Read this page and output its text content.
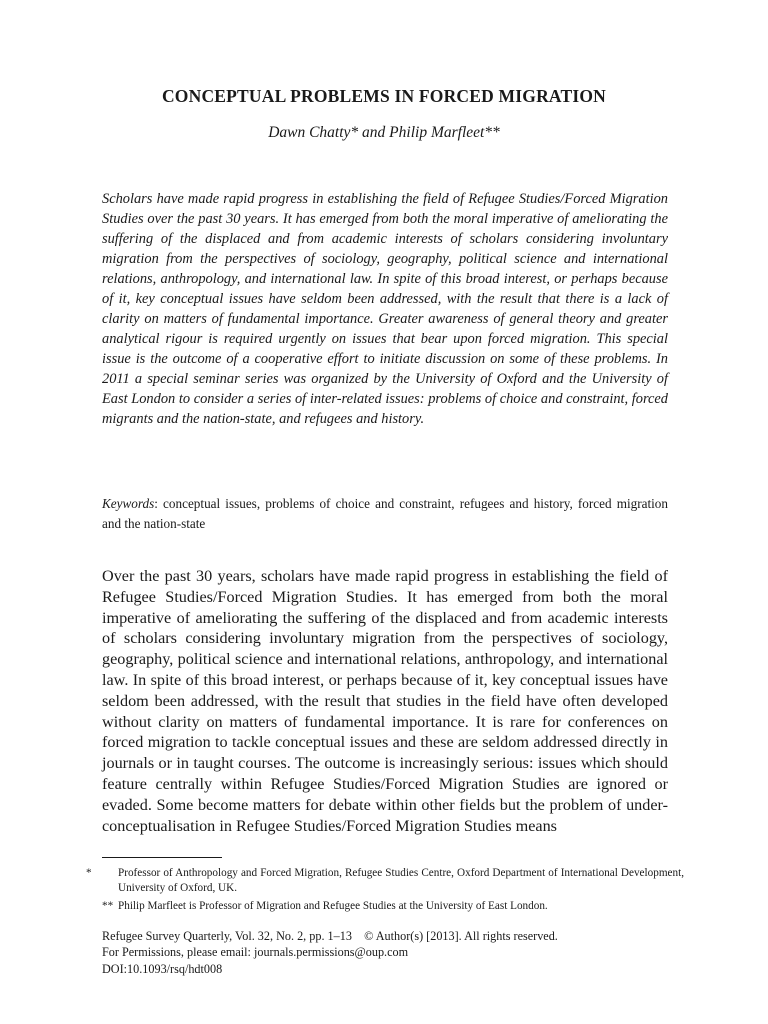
CONCEPTUAL PROBLEMS IN FORCED MIGRATION
Dawn Chatty* and Philip Marfleet**
Scholars have made rapid progress in establishing the field of Refugee Studies/Forced Migration Studies over the past 30 years. It has emerged from both the moral imperative of ameliorating the suffering of the displaced and from academic interests of scholars considering involuntary migration from the perspectives of sociology, geography, political science and international relations, anthropology, and international law. In spite of this broad interest, or perhaps because of it, key conceptual issues have seldom been addressed, with the result that there is a lack of clarity on matters of fundamental importance. Greater awareness of general theory and greater analytical rigour is required urgently on issues that bear upon forced migration. This special issue is the outcome of a cooperative effort to initiate discussion on some of these problems. In 2011 a special seminar series was organized by the University of Oxford and the University of East London to consider a series of inter-related issues: problems of choice and constraint, forced migrants and the nation-state, and refugees and history.
Keywords: conceptual issues, problems of choice and constraint, refugees and history, forced migration and the nation-state
Over the past 30 years, scholars have made rapid progress in establishing the field of Refugee Studies/Forced Migration Studies. It has emerged from both the moral imperative of ameliorating the suffering of the displaced and from academic interests of scholars considering involuntary migration from the perspectives of sociology, geography, political science and international relations, anthropology, and international law. In spite of this broad interest, or perhaps because of it, key conceptual issues have seldom been addressed, with the result that studies in the field have often developed without clarity on matters of fundamental importance. It is rare for conferences on forced migration to tackle conceptual issues and these are seldom addressed directly in journals or in taught courses. The outcome is increasingly serious: issues which should feature centrally within Refugee Studies/Forced Migration Studies are ignored or evaded. Some become matters for debate within other fields but the problem of under-conceptualisation in Refugee Studies/Forced Migration Studies means
* Professor of Anthropology and Forced Migration, Refugee Studies Centre, Oxford Department of International Development, University of Oxford, UK.
** Philip Marfleet is Professor of Migration and Refugee Studies at the University of East London.
Refugee Survey Quarterly, Vol. 32, No. 2, pp. 1–13    © Author(s) [2013]. All rights reserved.
For Permissions, please email: journals.permissions@oup.com
DOI:10.1093/rsq/hdt008
